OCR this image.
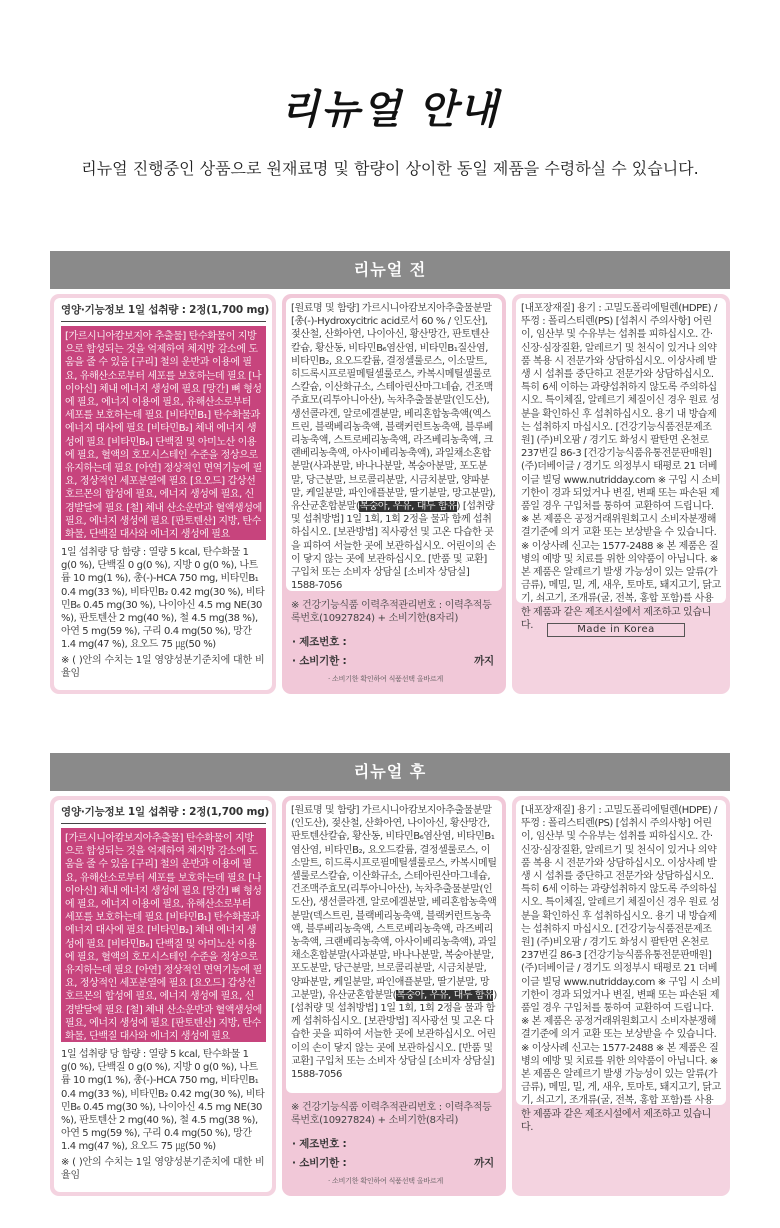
리뉴얼 안내
리뉴얼 진행중인 상품으로 원재료명 및 함량이 상이한 동일 제품을 수령하실 수 있습니다.
리뉴얼 전
영양·기능정보 1일 섭취량 : 2정(1,700 mg)
[가르시니아캄보지아 추출물] 탄수화물이 지방으로 합성되는 것을 억제하여 체지방 감소에 도움을 줄 수 있음 [구리] 철의 운반과 이용에 필요, 유해산소로부터 세포를 보호하는데 필요 [나이아신] 체내 에너지 생성에 필요 [망간] 뼈 형성에 필요, 에너지 이용에 필요, 유해산소로부터 세포를 보호하는데 필요 [비타민B₁] 탄수화물과 에너지 대사에 필요 [비타민B₂] 체내 에너지 생성에 필요 [비타민B₆] 단백질 및 아미노산 이용에 필요, 혈액의 호모시스테인 수준을 정상으로 유지하는데 필요 [아연] 정상적인 면역기능에 필요, 정상적인 세포분열에 필요 [요오드] 갑상선 호르몬의 합성에 필요, 에너지 생성에 필요, 신경발달에 필요 [철] 체내 산소운반과 혈액생성에 필요, 에너지 생성에 필요 [판토텐산] 지방, 탄수화물, 단백질 대사와 에너지 생성에 필요
1일 섭취량 당 함량 : 열량 5 kcal, 탄수화물 1 g(0 %), 단백질 0 g(0 %), 지방 0 g(0 %), 나트륨 10 mg(1 %), 총(-)-HCA 750 mg, 비타민B₁ 0.4 mg(33 %), 비타민B₂ 0.42 mg(30 %), 비타민B₆ 0.45 mg(30 %), 나이아신 4.5 mg NE(30 %), 판토텐산 2 mg(40 %), 철 4.5 mg(38 %), 아연 5 mg(59 %), 구리 0.4 mg(50 %), 망간 1.4 mg(47 %), 요오드 75 ㎍(50 %)
※ ( )안의 수치는 1일 영양성분기준치에 대한 비율임
[원료명 및 함량] 가르시니아캄보지아추출물분말[총(-)-Hydroxycitric acid로서 60 % / 인도산], 젖산철, 산화아연, 나이아신, 황산망간, 판토텐산칼슘, 황산동, 비타민B₆염산염, 비타민B₁질산염, 비타민B₂, 요오드칼륨, 결정셀룰로스, 이소말트, 히드록시프로필메틸셀룰로스, 카복시메틸셀룰로스칼슘, 이산화규소, 스테아린산마그네슘, 건조맥주효모(리투아니아산), 녹차추출물분말(인도산), 생선콜라겐, 알로에겔분말, 베리혼합농축액(엑스트린, 블랙베리농축액, 블랙커런트농축액, 블루베리농축액, 스트로베리농축액, 라즈베리농축액, 크랜베리농축액, 아사이베리농축액), 과일채소혼합분말(사과분말, 바나나분말, 복숭아분말, 포도분말, 당근분말, 브로콜리분말, 시금치분말, 양파분말, 케일분말, 파인애플분말, 딸기분말, 망고분말), 유산균혼합분말(복숭아, 우유, 대두 함유) [섭취량 및 섭취방법] 1일 1회, 1회 2정을 물과 함께 섭취하십시오. [보관방법] 직사광선 및 고온 다습한 곳을 피하여 서늘한 곳에 보관하십시오. 어린이의 손이 닿지 않는 곳에 보관하십시오. [반품 및 교환] 구입처 또는 소비자 상담실 [소비자 상담실] 1588-7056
※ 건강기능식품 이력추적관리번호 : 이력추적등록번호(10927824) + 소비기한(8자리)
· 제조번호 :
· 소비기한 :	까지
· 소비기한 확인하여 식품선택 올바르게
[내포장재질] 용기 : 고밀도폴리에틸렌(HDPE) / 뚜껑 : 폴리스티렌(PS) [섭취시 주의사항] 어린이, 임산부 및 수유부는 섭취를 피하십시오. 간·신장·심장질환, 알레르기 및 천식이 있거나 의약품 복용 시 전문가와 상담하십시오. 이상사례 발생 시 섭취를 중단하고 전문가와 상담하십시오. 특히 6세 이하는 과량섭취하지 않도록 주의하십시오. 특이체질, 알레르기 체질이신 경우 원료 성분을 확인하신 후 섭취하십시오. 용기 내 방습제는 섭취하지 마십시오. [건강기능식품전문제조원] (주)비오팜 / 경기도 화성시 팔탄면 온천로 237번길 86-3 [건강기능식품유통전문판매원] (주)더베이글 / 경기도 의정부시 태평로 21 더베이글 빌딩 www.nutridday.com ※ 구입 시 소비기한이 경과 되었거나 변질, 변패 또는 파손된 제품일 경우 구입처를 통하여 교환하여 드립니다. ※ 본 제품은 공정거래위원회고시 소비자분쟁해결기준에 의거 교환 또는 보상받을 수 있습니다. ※ 이상사례 신고는 1577-2488 ※ 본 제품은 질병의 예방 및 치료를 위한 의약품이 아닙니다. ※ 본 제품은 알레르기 발생 가능성이 있는 알류(가금류), 메밀, 밀, 게, 새우, 토마토, 돼지고기, 닭고기, 쇠고기, 조개류(굴, 전복, 홍합 포함)를 사용한 제품과 같은 제조시설에서 제조하고 있습니다.	Made in Korea
리뉴얼 후
영양·기능정보 1일 섭취량 : 2정(1,700 mg)
[가르시니아캄보지아추출물] 탄수화물이 지방으로 합성되는 것을 억제하여 체지방 감소에 도움을 줄 수 있음 [구리] 철의 운반과 이용에 필요, 유해산소로부터 세포를 보호하는데 필요 [나이아신] 체내 에너지 생성에 필요 [망간] 뼈 형성에 필요, 에너지 이용에 필요, 유해산소로부터 세포를 보호하는데 필요 [비타민B₁] 탄수화물과 에너지 대사에 필요 [비타민B₂] 체내 에너지 생성에 필요 [비타민B₆] 단백질 및 아미노산 이용에 필요, 혈액의 호모시스테인 수준을 정상으로 유지하는데 필요 [아연] 정상적인 면역기능에 필요, 정상적인 세포분열에 필요 [요오드] 갑상선 호르몬의 합성에 필요, 에너지 생성에 필요, 신경발달에 필요 [철] 체내 산소운반과 혈액생성에 필요, 에너지 생성에 필요 [판토텐산] 지방, 탄수화물, 단백질 대사와 에너지 생성에 필요
1일 섭취량 당 함량 : 열량 5 kcal, 탄수화물 1 g(0 %), 단백질 0 g(0 %), 지방 0 g(0 %), 나트륨 10 mg(1 %), 총(-)-HCA 750 mg, 비타민B₁ 0.4 mg(33 %), 비타민B₂ 0.42 mg(30 %), 비타민B₆ 0.45 mg(30 %), 나이아신 4.5 mg NE(30 %), 판토텐산 2 mg(40 %), 철 4.5 mg(38 %), 아연 5 mg(59 %), 구리 0.4 mg(50 %), 망간 1.4 mg(47 %), 요오드 75 ㎍(50 %)
※ ( )안의 수치는 1일 영양성분기준치에 대한 비율임
[원료명 및 함량] 가르시니아캄보지아추출물분말(인도산), 젖산철, 산화아연, 나이아신, 황산망간, 판토텐산칼슘, 황산동, 비타민B₆염산염, 비타민B₁염산염, 비타민B₂, 요오드칼륨, 결정셀룰로스, 이소말트, 히드록시프로필메틸셀룰로스, 카복시메틸셀룰로스칼슘, 이산화규소, 스테아린산마그네슘, 건조맥주효모(리투아니아산), 녹차추출물분말(인도산), 생선콜라겐, 알로에겔분말, 베리혼합농축액분말(덱스트린, 블랙베리농축액, 블랙커런트농축액, 블루베리농축액, 스트로베리농축액, 라즈베리농축액, 크랜베리농축액, 아사이베리농축액), 과일채소혼합분말(사과분말, 바나나분말, 복숭아분말, 포도분말, 당근분말, 브로콜리분말, 시금치분말, 양파분말, 케일분말, 파인애플분말, 딸기분말, 망고분말), 유산균혼합분말(복숭아, 우유, 대두 함유) [섭취량 및 섭취방법] 1일 1회, 1회 2정을 물과 함께 섭취하십시오. [보관방법] 직사광선 및 고온 다습한 곳을 피하여 서늘한 곳에 보관하십시오. 어린이의 손이 닿지 않는 곳에 보관하십시오. [반품 및 교환] 구입처 또는 소비자 상담실 [소비자 상담실] 1588-7056
※ 건강기능식품 이력추적관리번호 : 이력추적등록번호(10927824) + 소비기한(8자리)
· 제조번호 :
· 소비기한 :	까지
· 소비기한 확인하여 식품선택 올바르게
[내포장재질] 용기 : 고밀도폴리에틸렌(HDPE) / 뚜껑 : 폴리스티렌(PS) [섭취시 주의사항] 어린이, 임산부 및 수유부는 섭취를 피하십시오. 간·신장·심장질환, 알레르기 및 천식이 있거나 의약품 복용 시 전문가와 상담하십시오. 이상사례 발생 시 섭취를 중단하고 전문가와 상담하십시오. 특히 6세 이하는 과량섭취하지 않도록 주의하십시오. 특이체질, 알레르기 체질이신 경우 원료 성분을 확인하신 후 섭취하십시오. 용기 내 방습제는 섭취하지 마십시오. [건강기능식품전문제조원] (주)비오팜 / 경기도 화성시 팔탄면 온천로 237번길 86-3 [건강기능식품유통전문판매원] (주)더베이글 / 경기도 의정부시 태평로 21 더베이글 빌딩 www.nutridday.com ※ 구입 시 소비기한이 경과 되었거나 변질, 변패 또는 파손된 제품일 경우 구입처를 통하여 교환하여 드립니다. ※ 본 제품은 공정거래위원회고시 소비자분쟁해결기준에 의거 교환 또는 보상받을 수 있습니다. ※ 이상사례 신고는 1577-2488 ※ 본 제품은 질병의 예방 및 치료를 위한 의약품이 아닙니다. ※ 본 제품은 알레르기 발생 가능성이 있는 알류(가금류), 메밀, 밀, 게, 새우, 토마토, 돼지고기, 닭고기, 쇠고기, 조개류(굴, 전복, 홍합 포함)를 사용한 제품과 같은 제조시설에서 제조하고 있습니다.
